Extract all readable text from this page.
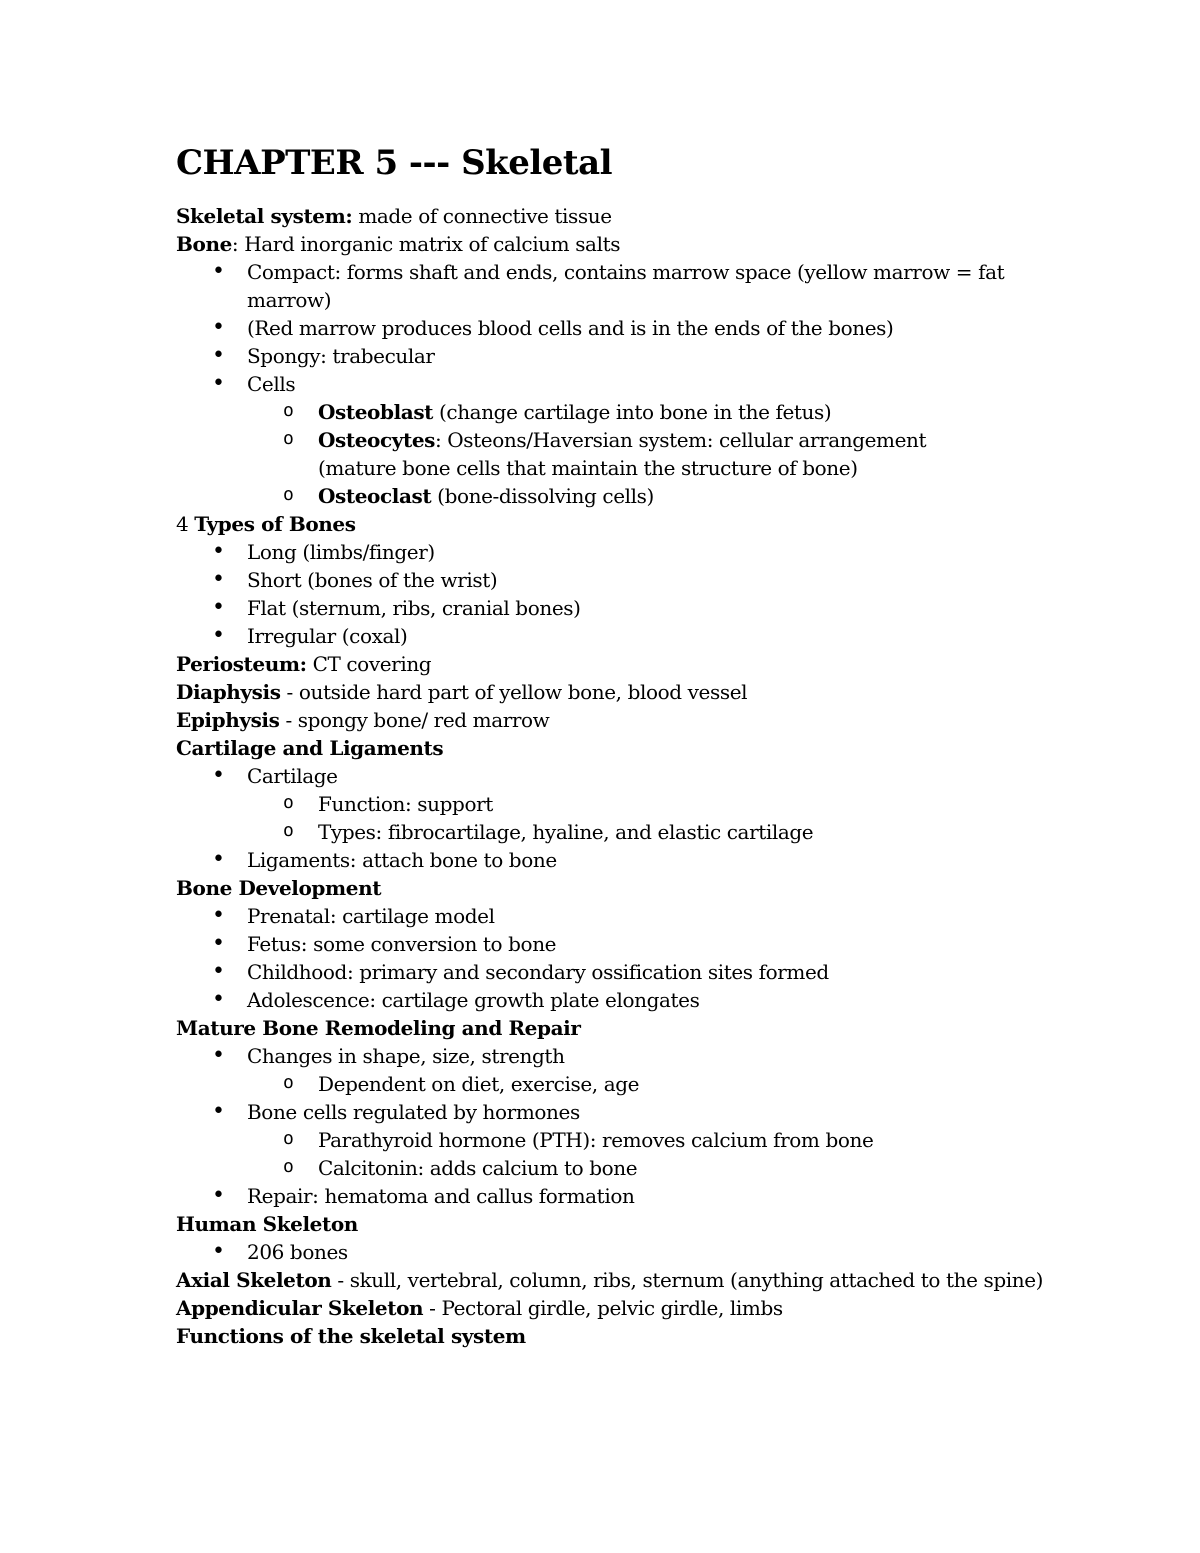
CHAPTER 5 --- Skeletal
Skeletal system: made of connective tissue
Bone: Hard inorganic matrix of calcium salts
• Compact: forms shaft and ends, contains marrow space (yellow marrow = fat marrow)
• (Red marrow produces blood cells and is in the ends of the bones)
• Spongy: trabecular
• Cells
o Osteoblast (change cartilage into bone in the fetus)
o Osteocytes: Osteons/Haversian system: cellular arrangement (mature bone cells that maintain the structure of bone)
o Osteoclast (bone-dissolving cells)
4 Types of Bones
• Long (limbs/finger)
• Short (bones of the wrist)
• Flat (sternum, ribs, cranial bones)
• Irregular (coxal)
Periosteum: CT covering
Diaphysis - outside hard part of yellow bone, blood vessel
Epiphysis - spongy bone/ red marrow
Cartilage and Ligaments
• Cartilage
o Function: support
o Types: fibrocartilage, hyaline, and elastic cartilage
• Ligaments: attach bone to bone
Bone Development
• Prenatal: cartilage model
• Fetus: some conversion to bone
• Childhood: primary and secondary ossification sites formed
• Adolescence: cartilage growth plate elongates
Mature Bone Remodeling and Repair
• Changes in shape, size, strength
o Dependent on diet, exercise, age
• Bone cells regulated by hormones
o Parathyroid hormone (PTH): removes calcium from bone
o Calcitonin: adds calcium to bone
• Repair: hematoma and callus formation
Human Skeleton
• 206 bones
Axial Skeleton - skull, vertebral, column, ribs, sternum (anything attached to the spine)
Appendicular Skeleton - Pectoral girdle, pelvic girdle, limbs
Functions of the skeletal system
